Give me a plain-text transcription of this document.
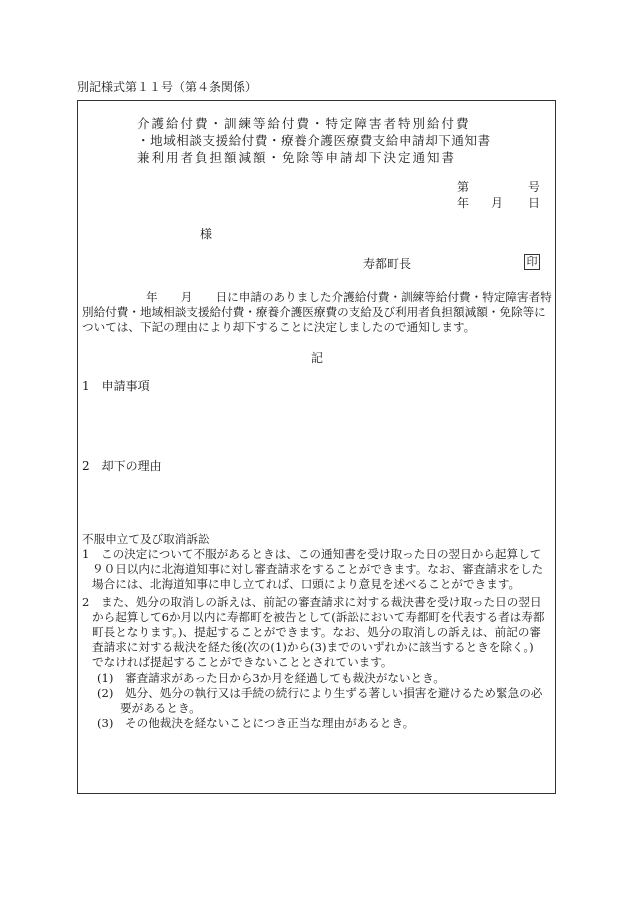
別記様式第１１号（第４条関係）
介護給付費・訓練等給付費・特定障害者特別給付費
・地域相談支援給付費・療養介護医療費支給申請却下通知書
兼利用者負担額減額・免除等申請却下決定通知書
第	号
年 月 日
様
寿都町長	印
年　　月　　日に申請のありました介護給付費・訓練等給付費・特定障害者特
別給付費・地域相談支援給付費・療養介護医療費の支給及び利用者負担額減額・免除等に
ついては、下記の理由により却下することに決定しましたので通知します。
記
1　申請事項
2　却下の理由
不服申立て及び取消訴訟
1　この決定について不服があるときは、この通知書を受け取った日の翌日から起算して
９０日以内に北海道知事に対し審査請求をすることができます。なお、審査請求をした
場合には、北海道知事に申し立てれば、口頭により意見を述べることができます。
2　また、処分の取消しの訴えは、前記の審査請求に対する裁決書を受け取った日の翌日
から起算して6か月以内に寿都町を被告として(訴訟において寿都町を代表する者は寿都
町長となります。)、提起することができます。なお、処分の取消しの訴えは、前記の審
査請求に対する裁決を経た後(次の(1)から(3)までのいずれかに該当するときを除く。)
でなければ提起することができないこととされています。
(1)　審査請求があった日から3か月を経過しても裁決がないとき。
(2)　処分、処分の執行又は手続の続行により生ずる著しい損害を避けるため緊急の必
要があるとき。
(3)　その他裁決を経ないことにつき正当な理由があるとき。
